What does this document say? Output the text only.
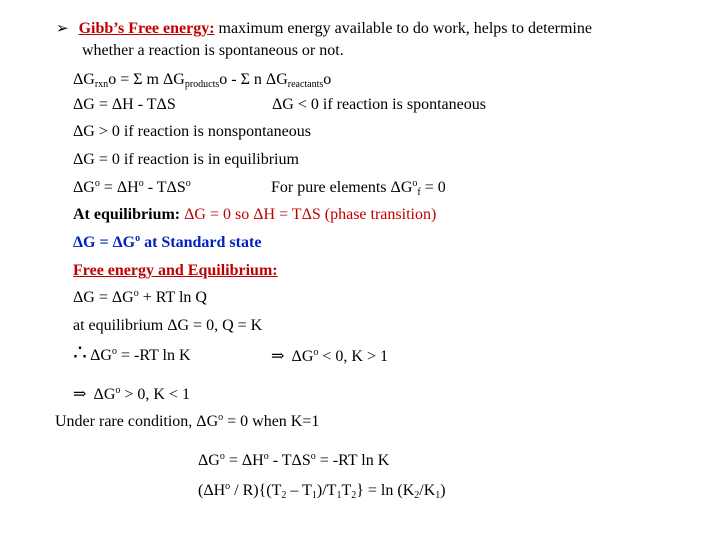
➢ Gibb’s Free energy: maximum energy available to do work, helps to determine
whether a reaction is spontaneous or not.
$\Delta G_{rxn}o = \Sigma$ m $\Delta G_{products}o$ - Σ n $\Delta G_{reactants}o$
ΔG = ΔH - TΔS	ΔG < 0 if reaction is spontaneous
ΔG > 0 if reaction is nonspontaneous
ΔG = 0 if reaction is in equilibrium
$\Delta G^o = \Delta H^o - T\Delta S^o$	For pure elements $\Delta G^o_f = 0$
At equilibrium: ΔG = 0 so ΔH = TΔS (phase transition)
$\Delta G = \Delta G^o$ at Standard state
Free energy and Equilibrium:
$\Delta G = \Delta G^o$ + RT ln Q
at equilibrium ΔG = 0, Q = K
∴ $\Delta G^o = -RT$ ln K	⇒ $\Delta G^o < 0$, K > 1
⇒ $\Delta G^o > 0$, K < 1
Under rare condition, $\Delta G^o = 0$ when K=1
$\Delta G^o = \Delta H^o - T\Delta S^o = -RT$ ln K
$(\Delta H^o / R)\{(T_2 - T_1)/T_1T_2\} = \ln (K_2/K_1)$
